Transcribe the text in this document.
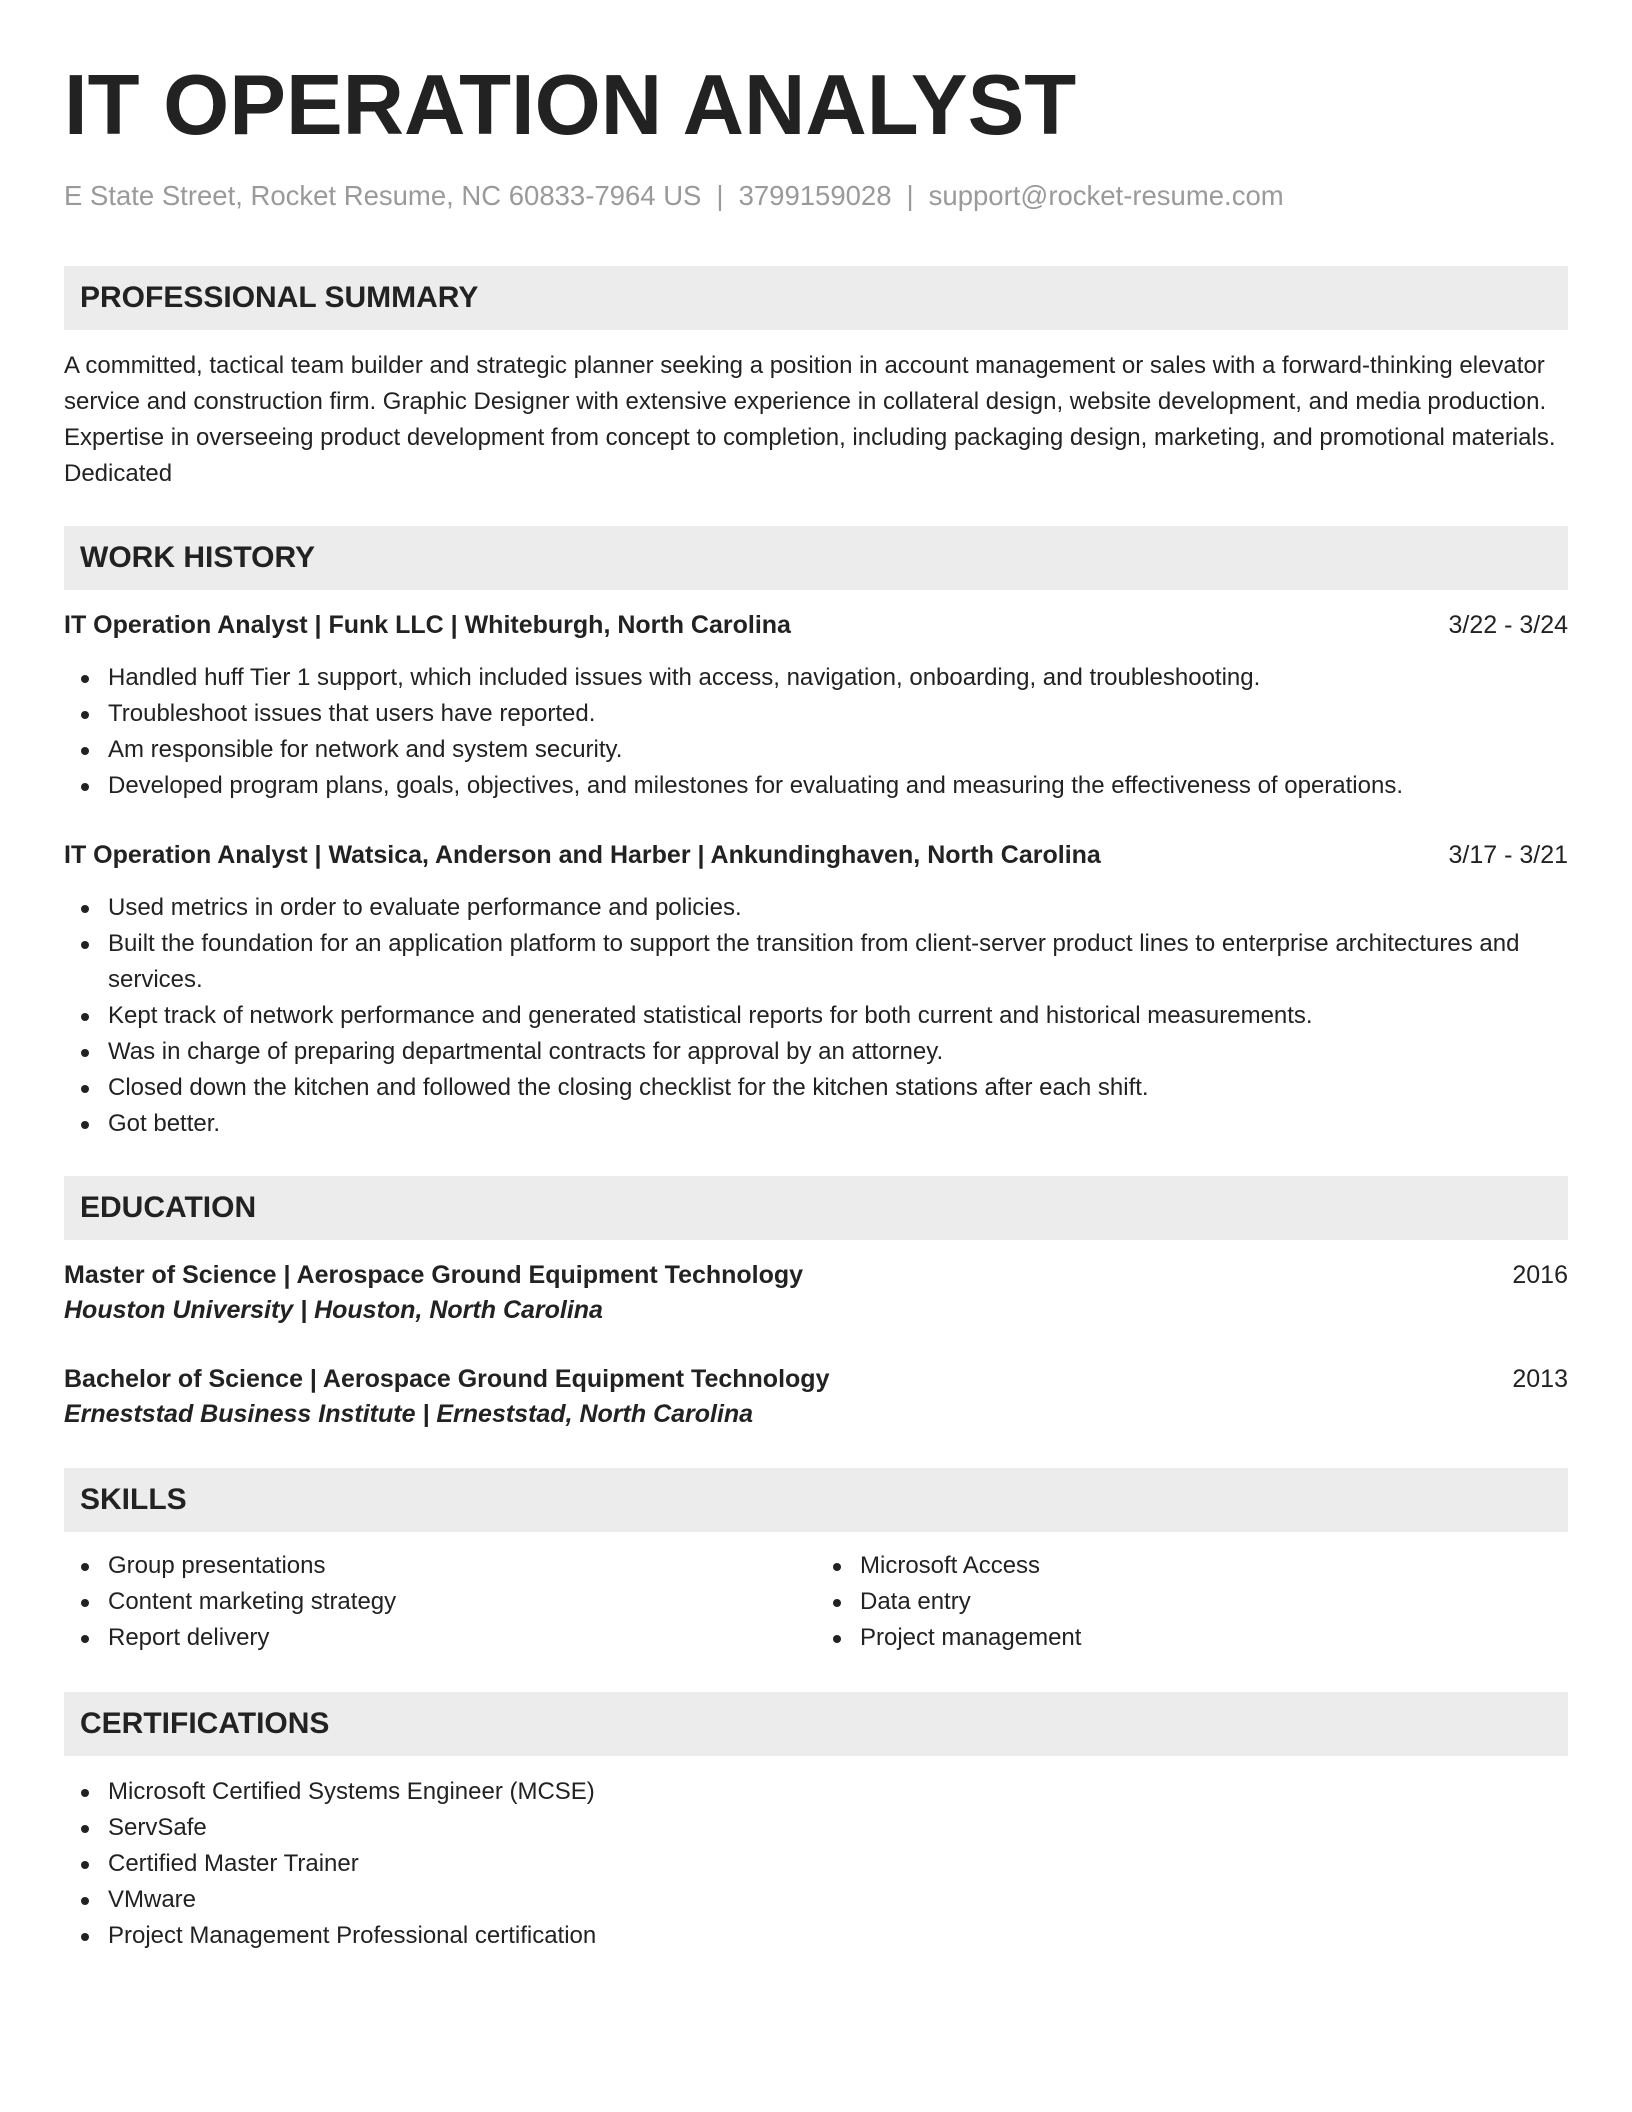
IT OPERATION ANALYST
E State Street, Rocket Resume, NC 60833-7964 US | 3799159028 | support@rocket-resume.com
PROFESSIONAL SUMMARY
A committed, tactical team builder and strategic planner seeking a position in account management or sales with a forward-thinking elevator service and construction firm. Graphic Designer with extensive experience in collateral design, website development, and media production. Expertise in overseeing product development from concept to completion, including packaging design, marketing, and promotional materials. Dedicated
WORK HISTORY
IT Operation Analyst | Funk LLC | Whiteburgh, North Carolina	3/22 - 3/24
Handled huff Tier 1 support, which included issues with access, navigation, onboarding, and troubleshooting.
Troubleshoot issues that users have reported.
Am responsible for network and system security.
Developed program plans, goals, objectives, and milestones for evaluating and measuring the effectiveness of operations.
IT Operation Analyst | Watsica, Anderson and Harber | Ankundinghaven, North Carolina	3/17 - 3/21
Used metrics in order to evaluate performance and policies.
Built the foundation for an application platform to support the transition from client-server product lines to enterprise architectures and services.
Kept track of network performance and generated statistical reports for both current and historical measurements.
Was in charge of preparing departmental contracts for approval by an attorney.
Closed down the kitchen and followed the closing checklist for the kitchen stations after each shift.
Got better.
EDUCATION
Master of Science | Aerospace Ground Equipment Technology	2016
Houston University | Houston, North Carolina
Bachelor of Science | Aerospace Ground Equipment Technology	2013
Erneststad Business Institute | Erneststad, North Carolina
SKILLS
Group presentations
Content marketing strategy
Report delivery
Microsoft Access
Data entry
Project management
CERTIFICATIONS
Microsoft Certified Systems Engineer (MCSE)
ServSafe
Certified Master Trainer
VMware
Project Management Professional certification
